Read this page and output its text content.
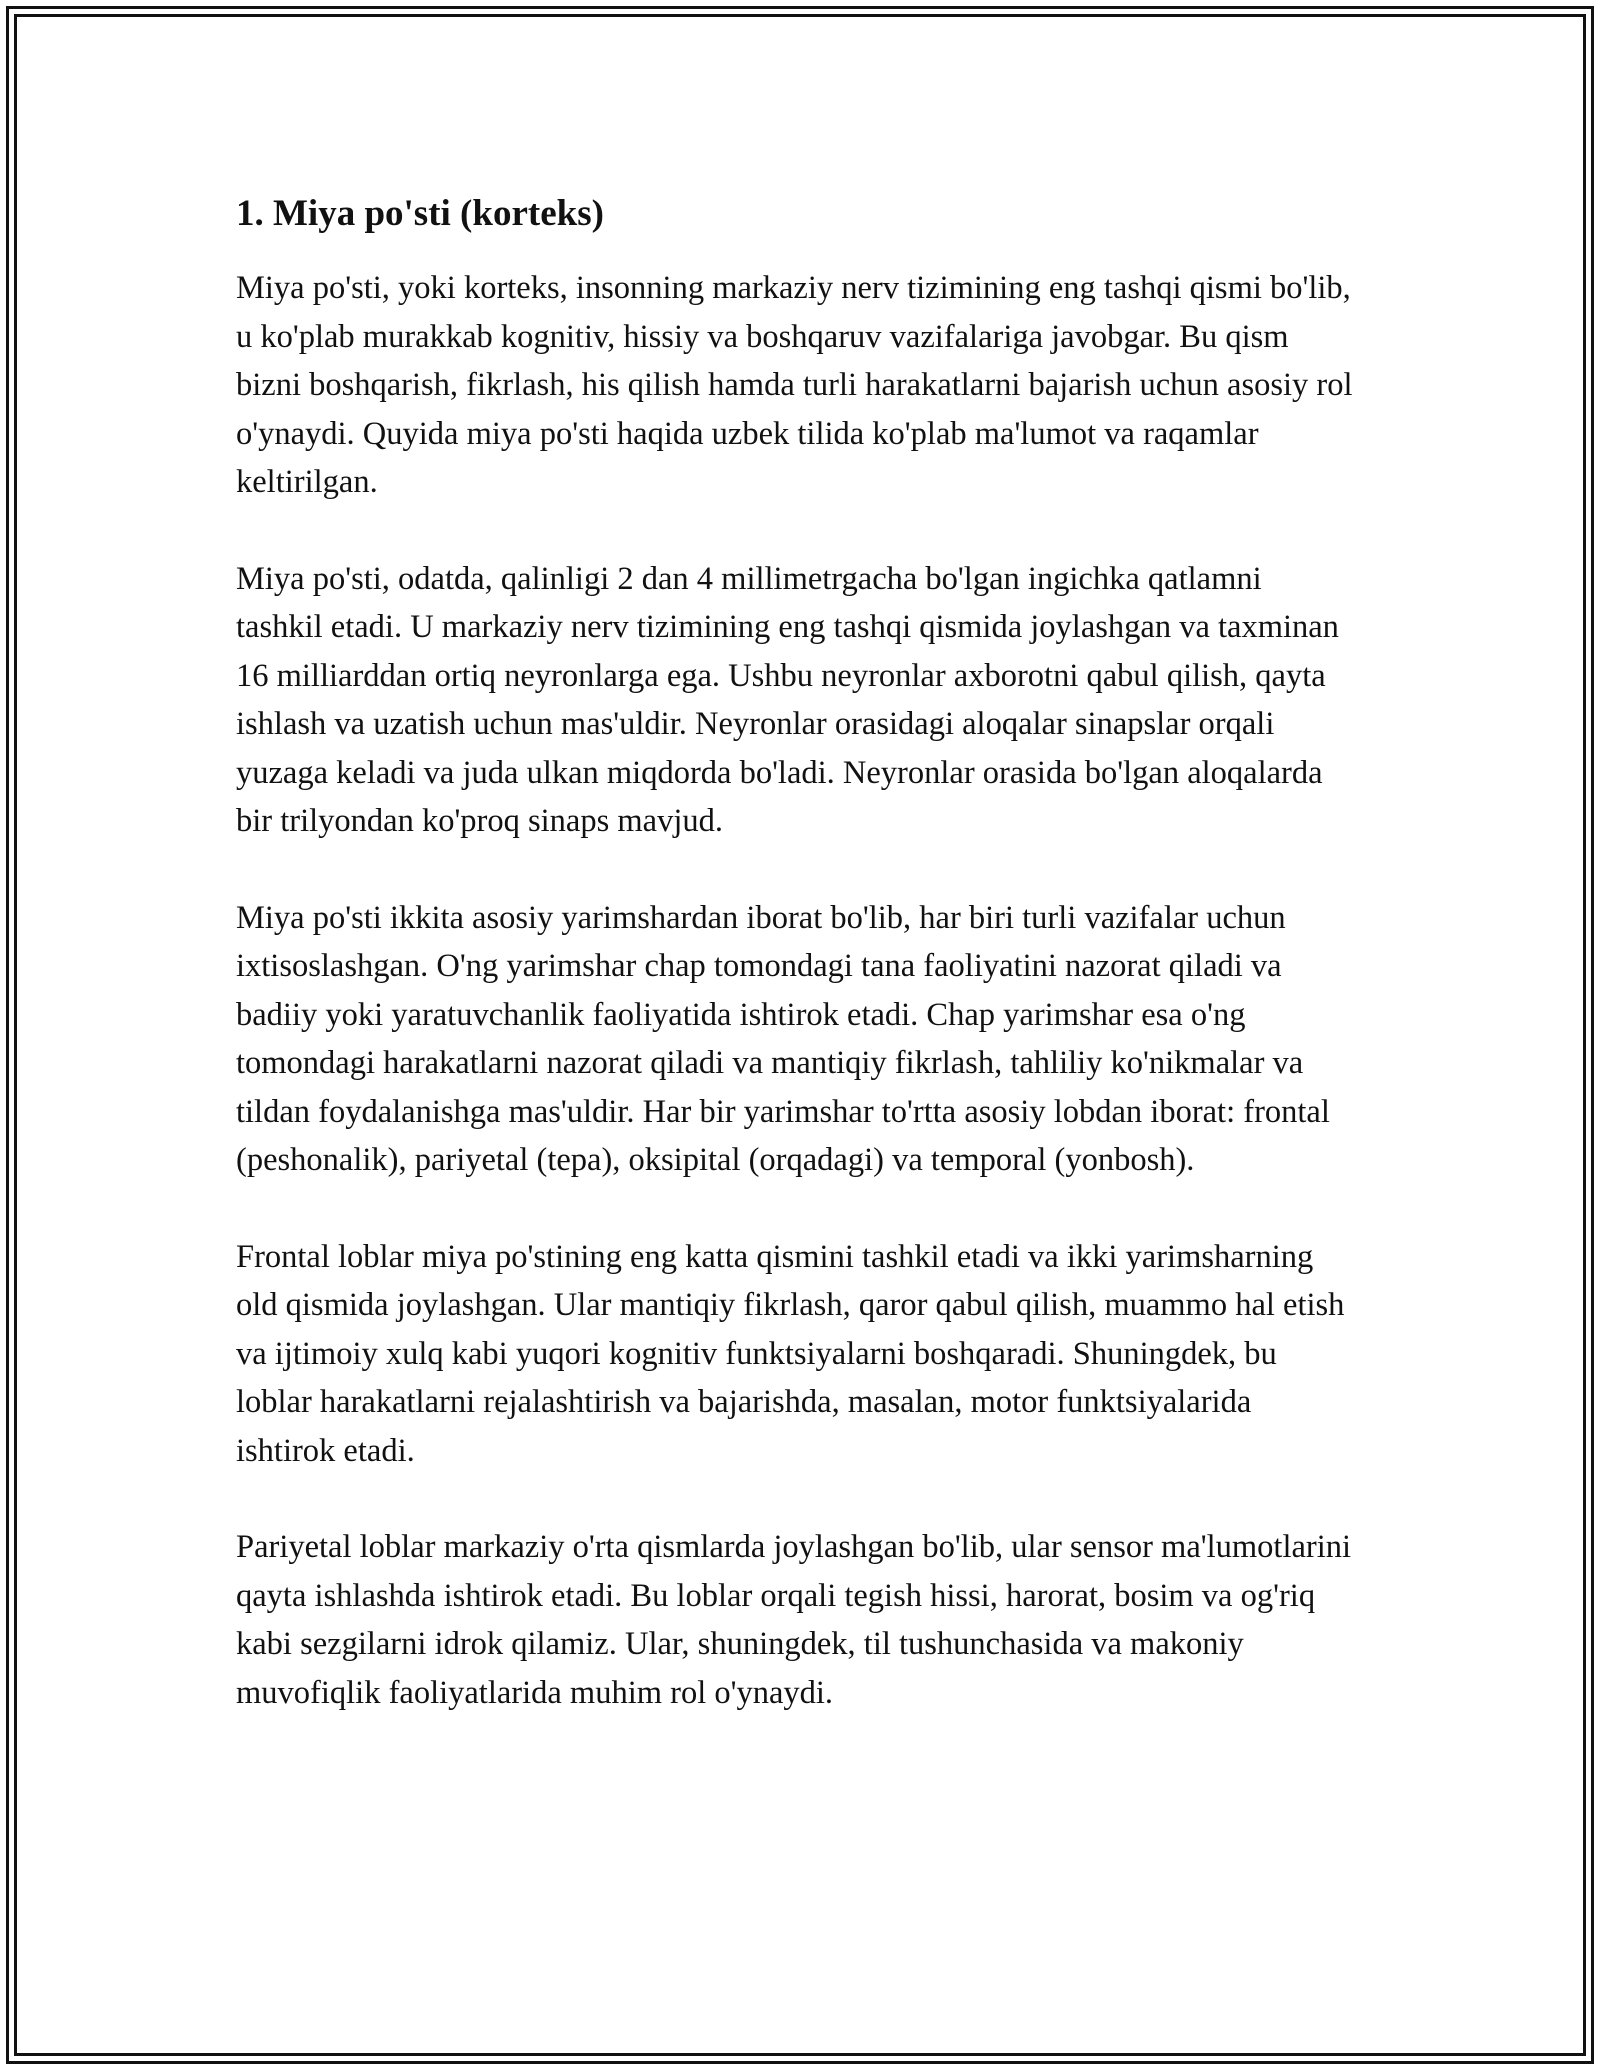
1. Miya po'sti (korteks)

Miya po'sti, yoki korteks, insonning markaziy nerv tizimining eng tashqi qismi bo'lib, u ko'plab murakkab kognitiv, hissiy va boshqaruv vazifalariga javobgar. Bu qism bizni boshqarish, fikrlash, his qilish hamda turli harakatlarni bajarish uchun asosiy rol o'ynaydi. Quyida miya po'sti haqida uzbek tilida ko'plab ma'lumot va raqamlar keltirilgan.

Miya po'sti, odatda, qalinligi 2 dan 4 millimetrgacha bo'lgan ingichka qatlamni tashkil etadi. U markaziy nerv tizimining eng tashqi qismida joylashgan va taxminan 16 milliarddan ortiq neyronlarga ega. Ushbu neyronlar axborotni qabul qilish, qayta ishlash va uzatish uchun mas'uldir. Neyronlar orasidagi aloqalar sinapslar orqali yuzaga keladi va juda ulkan miqdorda bo'ladi. Neyronlar orasida bo'lgan aloqalarda bir trilyondan ko'proq sinaps mavjud.

Miya po'sti ikkita asosiy yarimshardan iborat bo'lib, har biri turli vazifalar uchun ixtisoslashgan. O'ng yarimshar chap tomondagi tana faoliyatini nazorat qiladi va badiiy yoki yaratuvchanlik faoliyatida ishtirok etadi. Chap yarimshar esa o'ng tomondagi harakatlarni nazorat qiladi va mantiqiy fikrlash, tahliliy ko'nikmalar va tildan foydalanishga mas'uldir. Har bir yarimshar to'rtta asosiy lobdan iborat: frontal (peshonalik), pariyetal (tepa), oksipital (orqadagi) va temporal (yonbosh).

Frontal loblar miya po'stining eng katta qismini tashkil etadi va ikki yarimsharning old qismida joylashgan. Ular mantiqiy fikrlash, qaror qabul qilish, muammo hal etish va ijtimoiy xulq kabi yuqori kognitiv funktsiyalarni boshqaradi. Shuningdek, bu loblar harakatlarni rejalashtirish va bajarishda, masalan, motor funktsiyalarida ishtirok etadi.

Pariyetal loblar markaziy o'rta qismlarda joylashgan bo'lib, ular sensor ma'lumotlarini qayta ishlashda ishtirok etadi. Bu loblar orqali tegish hissi, harorat, bosim va og'riq kabi sezgilarni idrok qilamiz. Ular, shuningdek, til tushunchasida va makoniy muvofiqlik faoliyatlarida muhim rol o'ynaydi.
